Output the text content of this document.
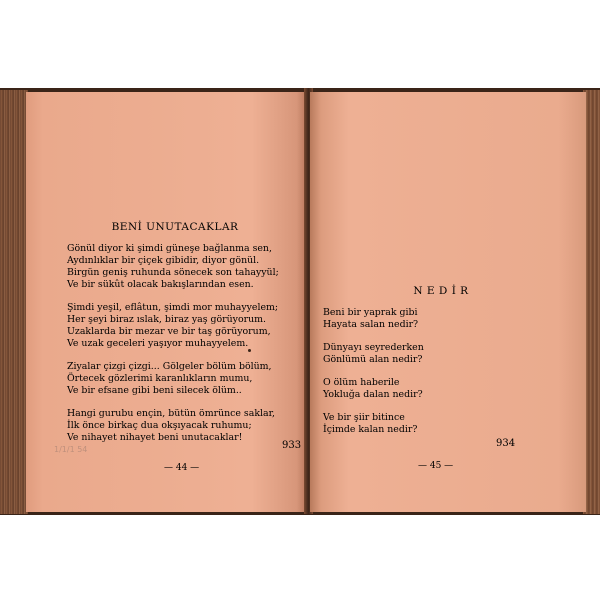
BENİ UNUTACAKLAR
Gönül diyor ki şimdi güneşe bağlanma sen,
Aydınlıklar bir çiçek gibidir, diyor gönül.
Birgün geniş ruhunda sönecek son tahayyül;
Ve bir sükût olacak bakışlarından esen.
Şimdi yeşil, eflâtun, şimdi mor muhayyelem;
Her şeyi biraz ıslak, biraz yaş görüyorum.
Uzaklarda bir mezar ve bir taş görüyorum,
Ve uzak geceleri yaşıyor muhayyelem.
Ziyalar çizgi çizgi... Gölgeler bölüm bölüm,
Örtecek gözlerimi karanlıkların mumu,
Ve bir efsane gibi beni silecek ölüm..
Hangi gurubu ençin, bütün ömrünce saklar,
İlk önce birkaç dua okşıyacak ruhumu;
Ve nihayet nihayet beni unutacaklar!
1/1/1 54	933
— 44 —
N E D İ R
Beni bir yaprak gibi
Hayata salan nedir?
Dünyayı seyrederken
Gönlümü alan nedir?
O ölüm haberile
Yokluğa dalan nedir?
Ve bir şiir bitince
İçimde kalan nedir?
934
— 45 —
